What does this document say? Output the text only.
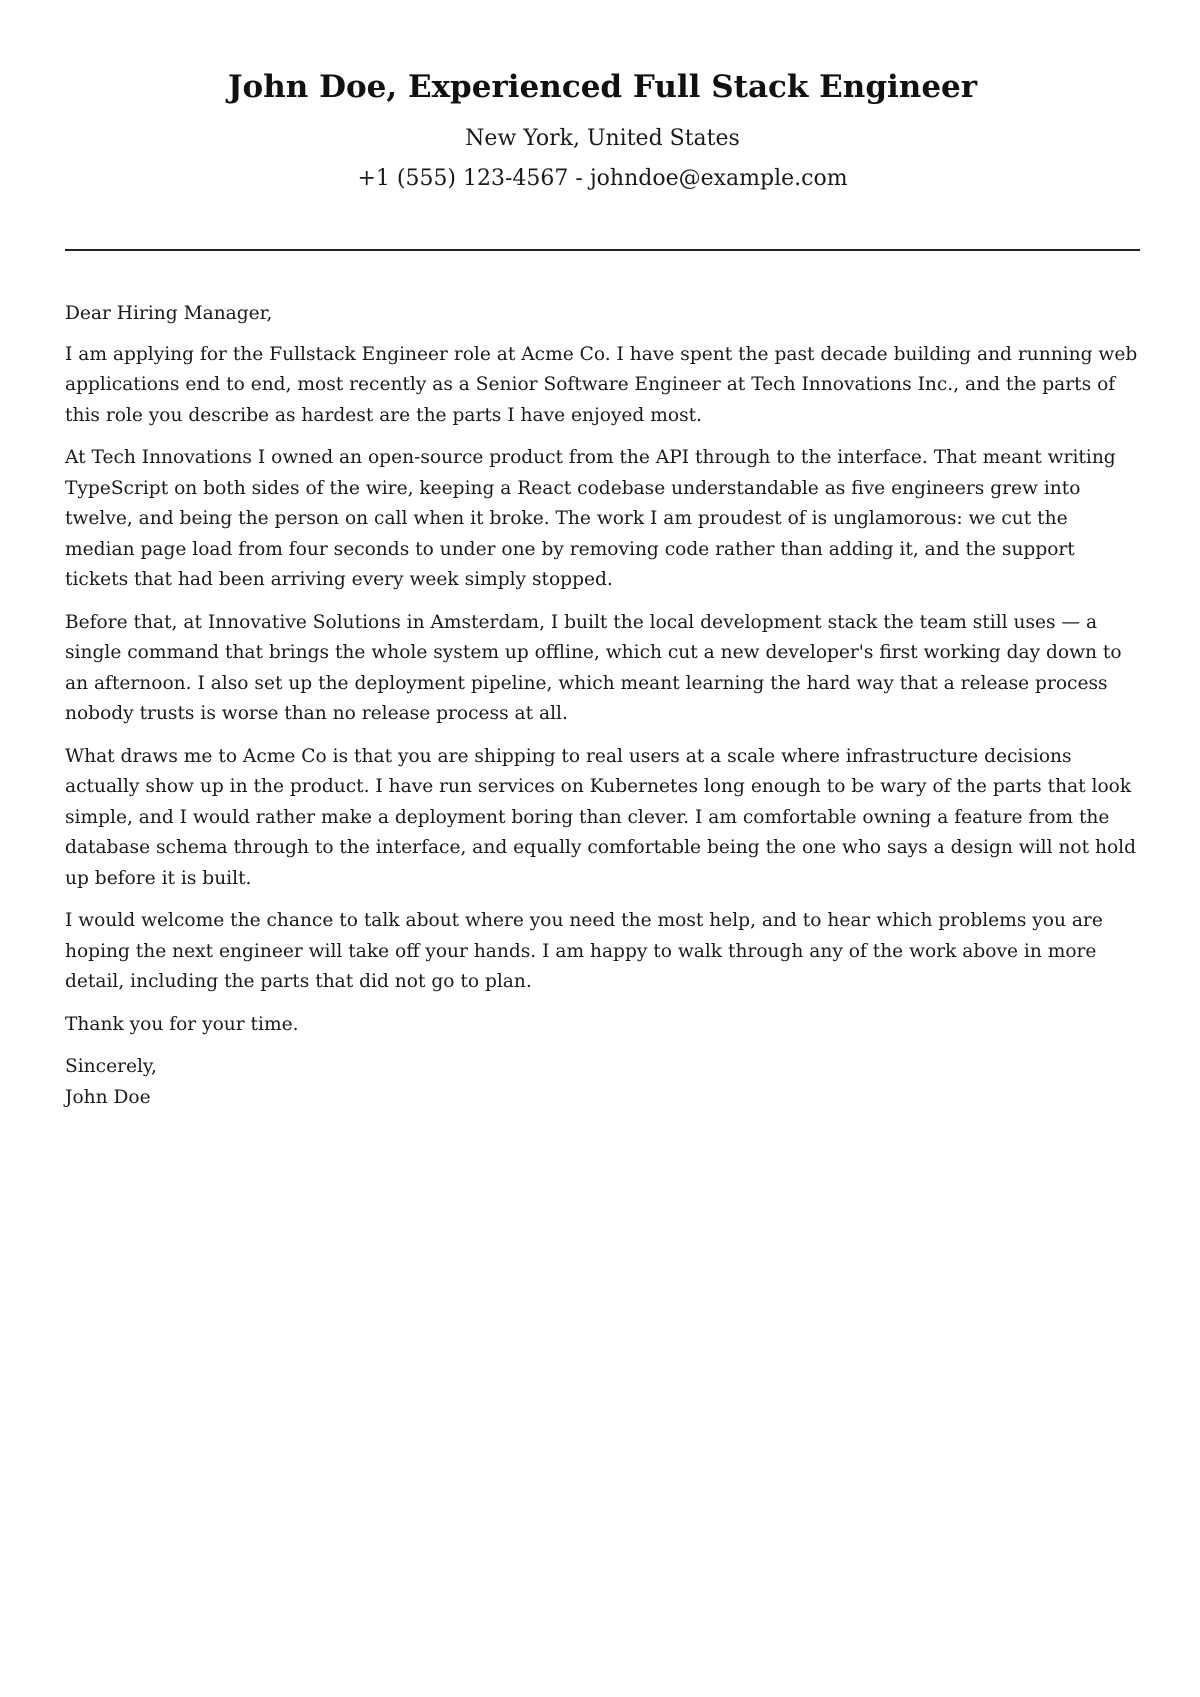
John Doe, Experienced Full Stack Engineer
New York, United States
+1 (555) 123-4567 - johndoe@example.com

Dear Hiring Manager,

I am applying for the Fullstack Engineer role at Acme Co. I have spent the past decade building and running web applications end to end, most recently as a Senior Software Engineer at Tech Innovations Inc., and the parts of this role you describe as hardest are the parts I have enjoyed most.

At Tech Innovations I owned an open-source product from the API through to the interface. That meant writing TypeScript on both sides of the wire, keeping a React codebase understandable as five engineers grew into twelve, and being the person on call when it broke. The work I am proudest of is unglamorous: we cut the median page load from four seconds to under one by removing code rather than adding it, and the support tickets that had been arriving every week simply stopped.

Before that, at Innovative Solutions in Amsterdam, I built the local development stack the team still uses — a single command that brings the whole system up offline, which cut a new developer's first working day down to an afternoon. I also set up the deployment pipeline, which meant learning the hard way that a release process nobody trusts is worse than no release process at all.

What draws me to Acme Co is that you are shipping to real users at a scale where infrastructure decisions actually show up in the product. I have run services on Kubernetes long enough to be wary of the parts that look simple, and I would rather make a deployment boring than clever. I am comfortable owning a feature from the database schema through to the interface, and equally comfortable being the one who says a design will not hold up before it is built.

I would welcome the chance to talk about where you need the most help, and to hear which problems you are hoping the next engineer will take off your hands. I am happy to walk through any of the work above in more detail, including the parts that did not go to plan.

Thank you for your time.

Sincerely,
John Doe
